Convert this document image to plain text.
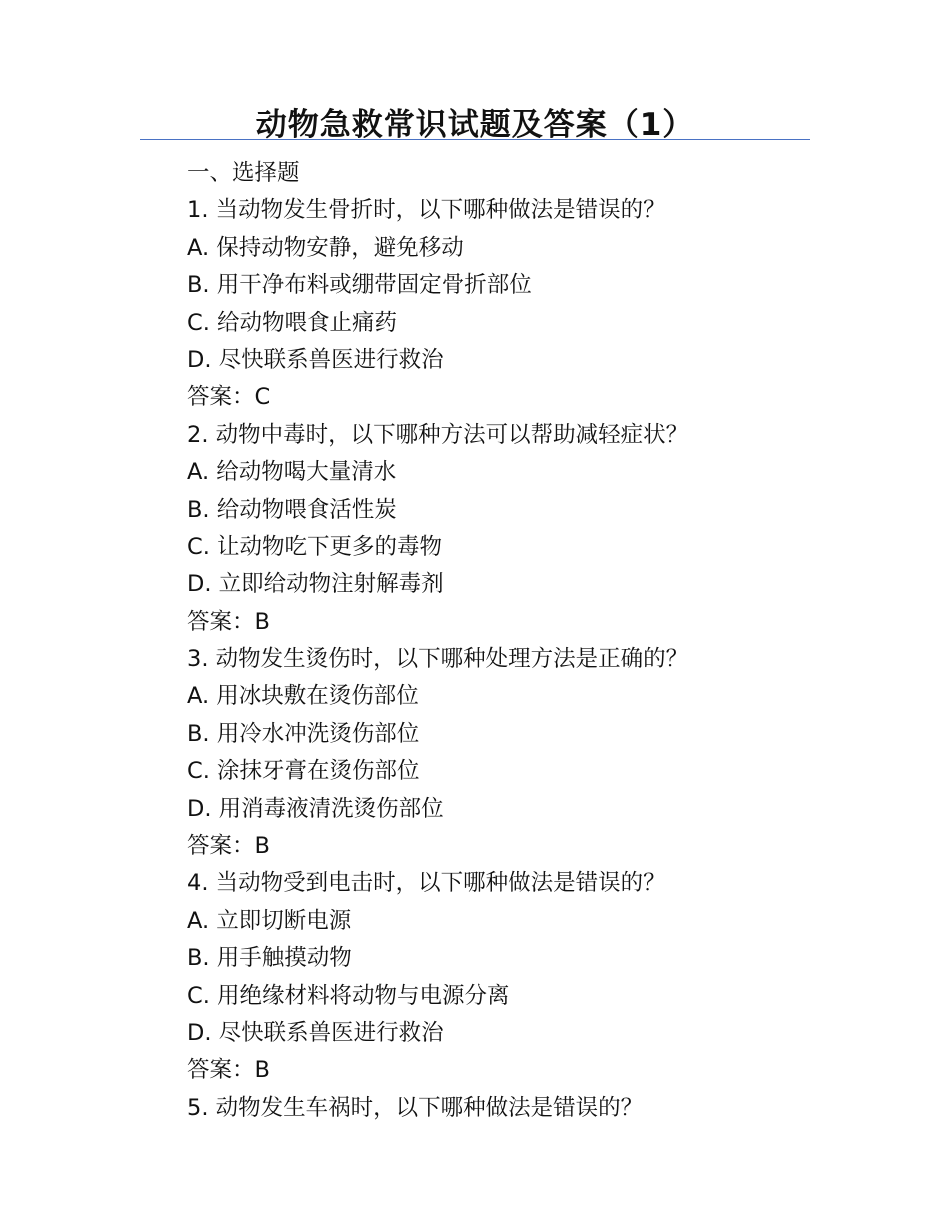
动物急救常识试题及答案（1）
一、选择题
1. 当动物发生骨折时，以下哪种做法是错误的？
A. 保持动物安静，避免移动
B. 用干净布料或绷带固定骨折部位
C. 给动物喂食止痛药
D. 尽快联系兽医进行救治
答案：C
2. 动物中毒时，以下哪种方法可以帮助减轻症状？
A. 给动物喝大量清水
B. 给动物喂食活性炭
C. 让动物吃下更多的毒物
D. 立即给动物注射解毒剂
答案：B
3. 动物发生烫伤时，以下哪种处理方法是正确的？
A. 用冰块敷在烫伤部位
B. 用冷水冲洗烫伤部位
C. 涂抹牙膏在烫伤部位
D. 用消毒液清洗烫伤部位
答案：B
4. 当动物受到电击时，以下哪种做法是错误的？
A. 立即切断电源
B. 用手触摸动物
C. 用绝缘材料将动物与电源分离
D. 尽快联系兽医进行救治
答案：B
5. 动物发生车祸时，以下哪种做法是错误的？
